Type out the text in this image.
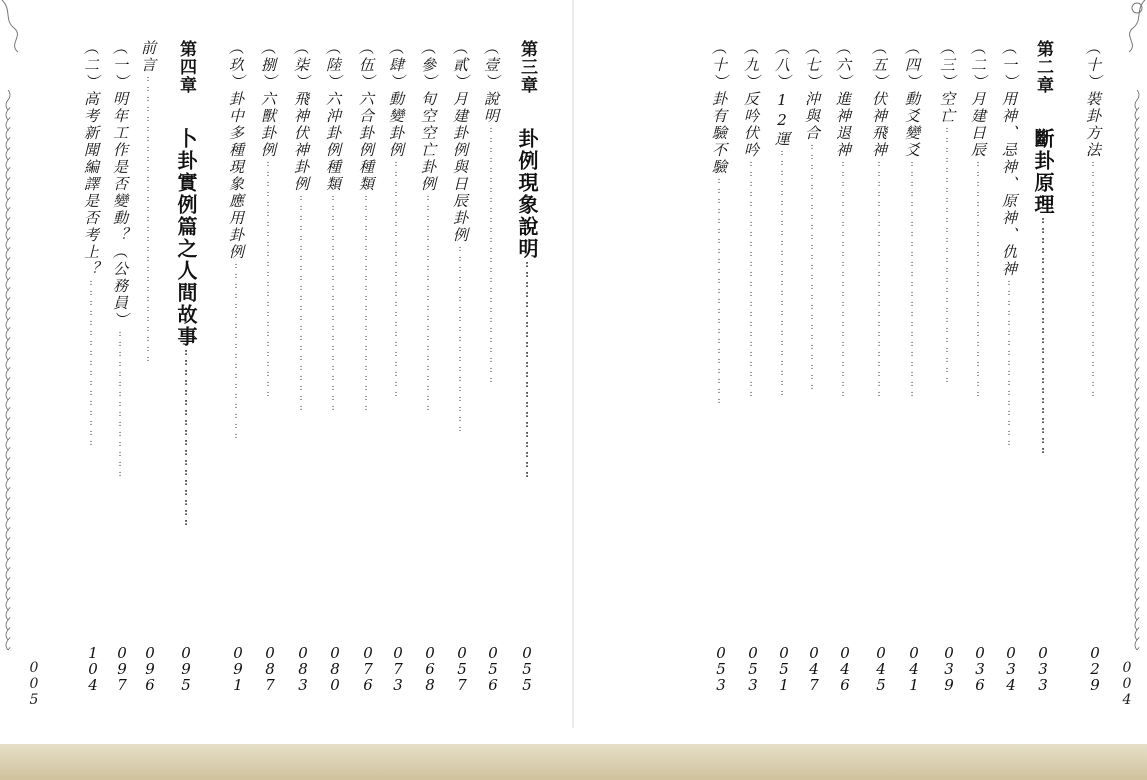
第三章 卦例現象說明::::::::::::::::::::::
0
5
5
（壹）說明::::::::::::::::::::::::::
0
5
6
（貳）月建卦例與日辰卦例:::::::::::::::::::
0
5
7
（參）旬空空亡卦例::::::::::::::::::::::
0
6
8
（肆）動變卦例::::::::::::::::::::::::
0
7
3
（伍）六合卦例種類::::::::::::::::::::::
0
7
6
（陸）六沖卦例種類::::::::::::::::::::::
0
8
0
（柒）飛神伏神卦例::::::::::::::::::::::
0
8
3
（捌）六獸卦例::::::::::::::::::::::::
0
8
7
（玖）卦中多種現象應用卦例::::::::::::::::::
0
9
1
第四章 卜卦實例篇之人間故事::::::::::::::::::
0
9
5
前言:::::::::::::::::::::::::::::
0
9
6
（一）明年工作是否變動？（公務員）:::::::::::::::
0
9
7
（二）高考新聞編譯是否考上？:::::::::::::::::
1
0
4
0
0
5
（十）裝卦方法::::::::::::::::::::::::
0
2
9
第二章 斷卦原理::::::::::::::::::::::::
0
3
3
（一）用神、忌神、原神、仇神:::::::::::::::::
0
3
4
（二）月建日辰::::::::::::::::::::::::
0
3
6
（三）空亡::::::::::::::::::::::::::
0
3
9
（四）動爻變爻::::::::::::::::::::::::
0
4
1
（五）伏神飛神::::::::::::::::::::::::
0
4
5
（六）進神退神::::::::::::::::::::::::
0
4
6
（七）沖與合:::::::::::::::::::::::::
0
4
7
（八）12運:::::::::::::::::::::::::
0
5
1
（九）反吟伏吟::::::::::::::::::::::::
0
5
3
（十）卦有驗不驗:::::::::::::::::::::::
0
5
3
0
0
4
